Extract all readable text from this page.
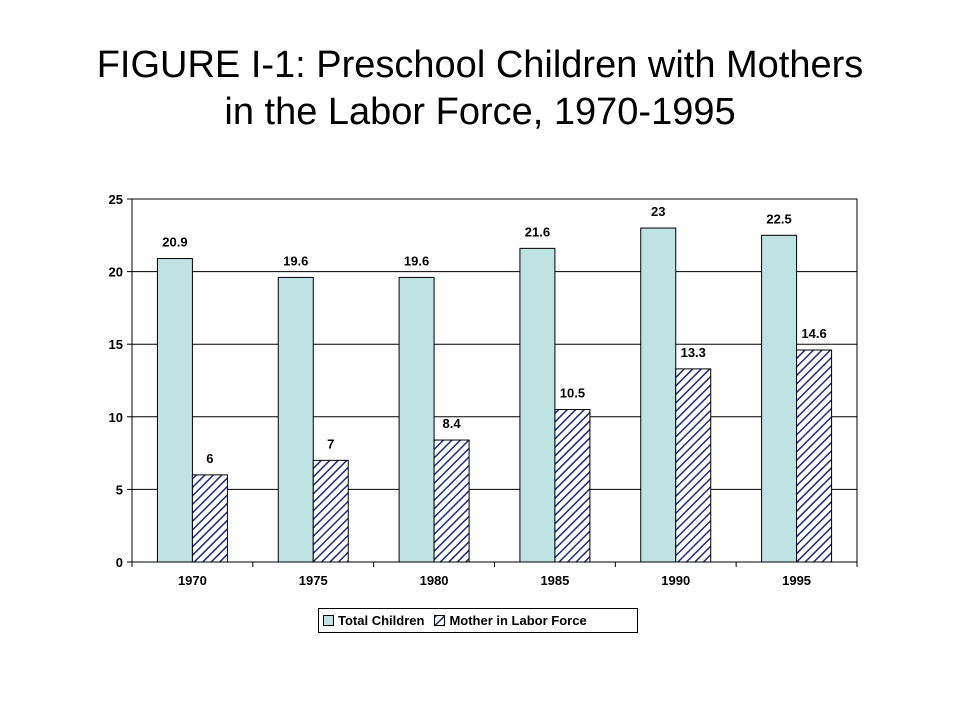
FIGURE I-1: Preschool Children with Mothers
in the Labor Force, 1970-1995
0
5
10
15
20
25
1970
20.9
6
1975
19.6
7
1980
19.6
8.4
1985
21.6
10.5
1990
23
13.3
1995
22.5
14.6
Total Children Mother in Labor Force
